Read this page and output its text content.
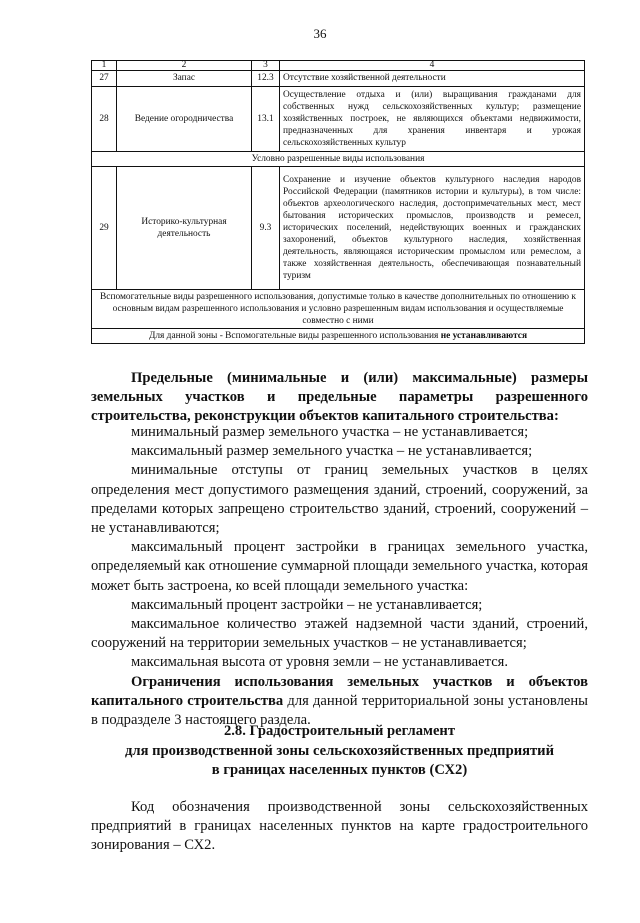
36
1	2	3	4
27	Запас	12.3	Отсутствие хозяйственной деятельности
28	Ведение огородничества	13.1	Осуществление отдыха и (или) выращивания гражданами для собственных нужд сельскохозяйственных культур; размещение хозяйственных построек, не являющихся объектами недвижимости, предназначенных для хранения инвентаря и урожая сельскохозяйственных культур
Условно разрешенные виды использования			
29	Историко-культурная деятельность	9.3	Сохранение и изучение объектов культурного наследия народов Российской Федерации (памятников истории и культуры), в том числе: объектов археологического наследия, достопримечательных мест, мест бытования исторических промыслов, производств и ремесел, исторических поселений, недействующих военных и гражданских захоронений, объектов культурного наследия, хозяйственная деятельность, являющаяся историческим промыслом или ремеслом, а также хозяйственная деятельность, обеспечивающая познавательный туризм
Вспомогательные виды разрешенного использования, допустимые только в качестве дополнительных по отношению к основным видам разрешенного использования и условно разрешенным видам использования и осуществляемые совместно с ними			
Для данной зоны - Вспомогательные виды разрешенного использования не устанавливаются			
Предельные (минимальные и (или) максимальные) размеры
земельных участков и предельные параметры разрешенного
строительства, реконструкции объектов капитального строительства:

минимальный размер земельного участка – не устанавливается;

максимальный размер земельного участка – не устанавливается;

минимальные отступы от границ земельных участков в целях определения мест допустимого размещения зданий, строений, сооружений, за пределами которых запрещено строительство зданий, строений, сооружений – не устанавливаются;

максимальный процент застройки в границах земельного участка, определяемый как отношение суммарной площади земельного участка, которая может быть застроена, ко всей площади земельного участка:

максимальный процент застройки – не устанавливается;

максимальное количество этажей надземной части зданий, строений, сооружений на территории земельных участков – не устанавливается;

максимальная высота от уровня земли – не устанавливается.

Ограничения использования земельных участков и объектов капитального строительства для данной территориальной зоны установлены в подразделе 3 настоящего раздела.

2.8. Градостроительный регламент
для производственной зоны сельскохозяйственных предприятий
в границах населенных пунктов (СХ2)

Код обозначения производственной зоны сельскохозяйственных предприятий в границах населенных пунктов на карте градостроительного зонирования – СХ2.
